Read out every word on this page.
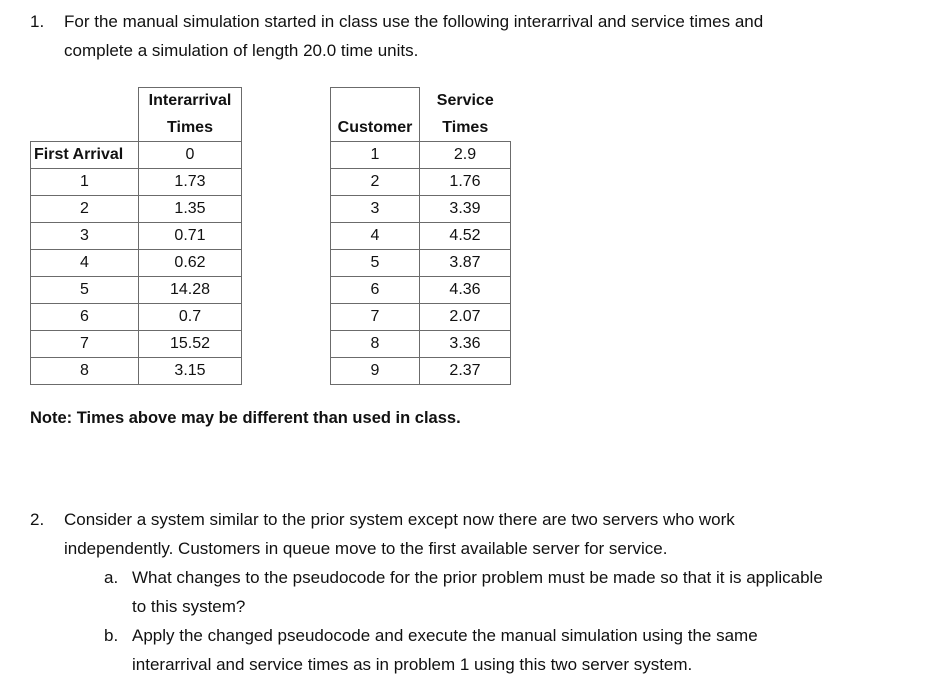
1. For the manual simulation started in class use the following interarrival and service times and
complete a simulation of length 20.0 time units.
	Interarrival
	Times
First Arrival	0
1	1.73
2	1.35
3	0.71
4	0.62
5	14.28
6	0.7
7	15.52
8	3.15
	Service
Customer	Times
1	2.9
2	1.76
3	3.39
4	4.52
5	3.87
6	4.36
7	2.07
8	3.36
9	2.37
Note: Times above may be different than used in class.
2. Consider a system similar to the prior system except now there are two servers who work
independently. Customers in queue move to the first available server for service.
a. What changes to the pseudocode for the prior problem must be made so that it is applicable
to this system?
b. Apply the changed pseudocode and execute the manual simulation using the same
interarrival and service times as in problem 1 using this two server system.
